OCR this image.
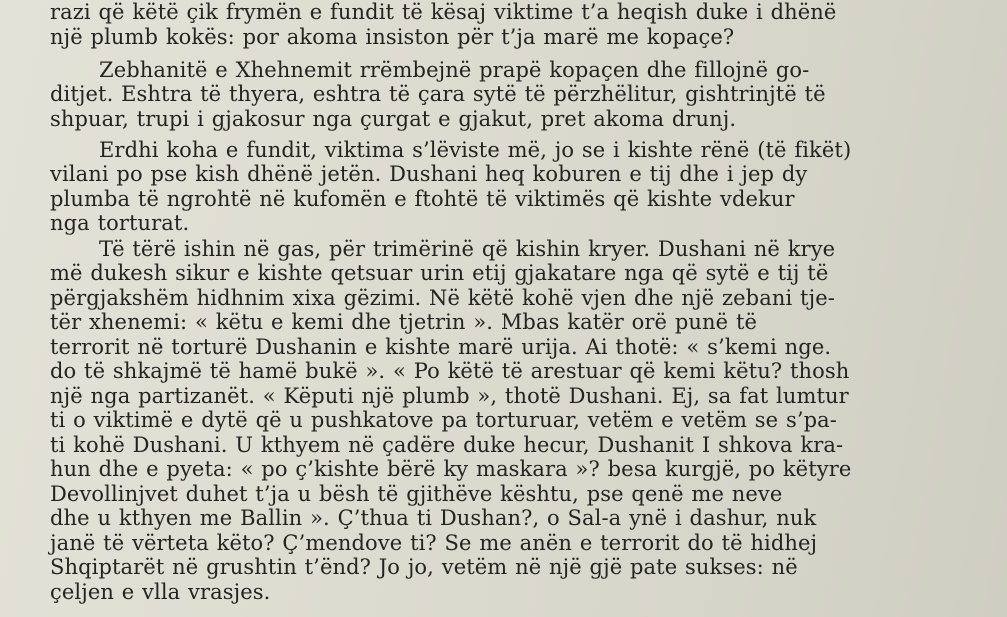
razi që këtë çik frymën e fundit të kësaj viktime t’a heqish duke i dhënë
një plumb kokës: por akoma insiston për t’ja marë me kopaçe?
Zebhanitë e Xhehnemit rrëmbejnë prapë kopaçen dhe fillojnë go-
ditjet. Eshtra të thyera, eshtra të çara sytë të përzhëlitur, gishtrinjtë të
shpuar, trupi i gjakosur nga çurgat e gjakut, pret akoma drunj.
Erdhi koha e fundit, viktima s’lëviste më, jo se i kishte rënë (të fikët)
vilani po pse kish dhënë jetën. Dushani heq koburen e tij dhe i jep dy
plumba të ngrohtë në kufomën e ftohtë të viktimës që kishte vdekur
nga torturat.
Të tërë ishin në gas, për trimërinë që kishin kryer. Dushani në krye
më dukesh sikur e kishte qetsuar urin etij gjakatare nga që sytë e tij të
përgjakshëm hidhnim xixa gëzimi. Në këtë kohë vjen dhe një zebani tje-
tër xhenemi: « këtu e kemi dhe tjetrin ». Mbas katër orë punë të
terrorit në torturë Dushanin e kishte marë urija. Ai thotë: « s’kemi nge.
do të shkajmë të hamë bukë ». « Po këtë të arestuar që kemi këtu? thosh
një nga partizanët. « Këputi një plumb », thotë Dushani. Ej, sa fat lumtur
ti o viktimë e dytë që u pushkatove pa torturuar, vetëm e vetëm se s’pa-
ti kohë Dushani. U kthyem në çadëre duke hecur, Dushanit I shkova kra-
hun dhe e pyeta: « po ç’kishte bërë ky maskara »? besa kurgjë, po këtyre
Devollinjvet duhet t’ja u bësh të gjithëve kështu, pse qenë me neve
dhe u kthyen me Ballin ». Ç’thua ti Dushan?, o Sal-a ynë i dashur, nuk
janë të vërteta këto? Ç’mendove ti? Se me anën e terrorit do të hidhej
Shqiptarët në grushtin t’ënd? Jo jo, vetëm në një gjë pate sukses: në
çeljen e vlla vrasjes.
